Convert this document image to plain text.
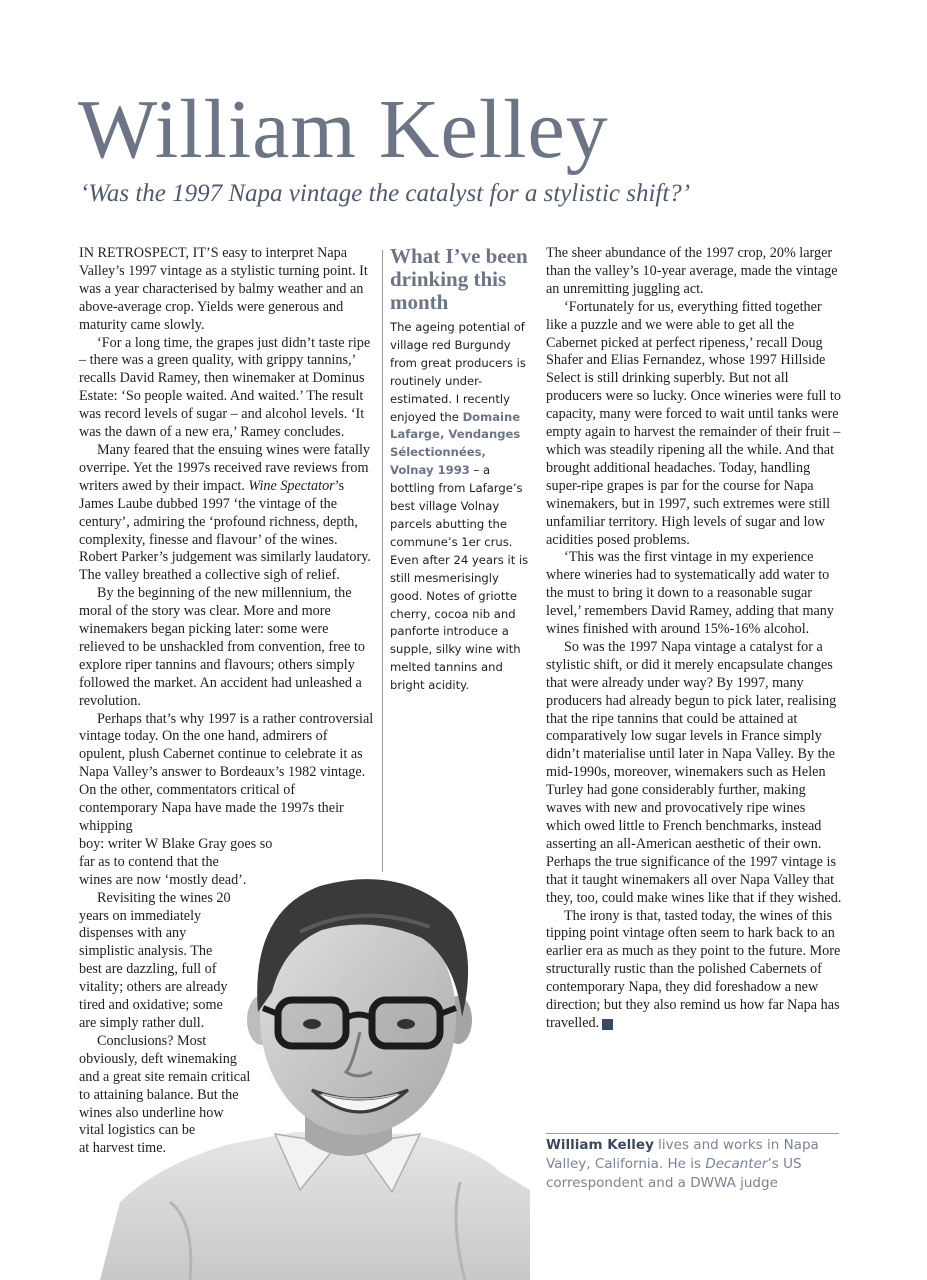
William Kelley

‘Was the 1997 Napa vintage the catalyst for a stylistic shift?’

IN RETROSPECT, IT’S easy to interpret Napa Valley’s 1997 vintage as a stylistic turning point. It was a year characterised by balmy weather and an above-average crop. Yields were generous and maturity came slowly.

‘For a long time, the grapes just didn’t taste ripe – there was a green quality, with grippy tannins,’ recalls David Ramey, then winemaker at Dominus Estate: ‘So people waited. And waited.’ The result was record levels of sugar – and alcohol levels. ‘It was the dawn of a new era,’ Ramey concludes.

Many feared that the ensuing wines were fatally overripe. Yet the 1997s received rave reviews from writers awed by their impact. Wine Spectator’s James Laube dubbed 1997 ‘the vintage of the century’, admiring the ‘profound richness, depth, complexity, finesse and flavour’ of the wines. Robert Parker’s judgement was similarly laudatory. The valley breathed a collective sigh of relief.

By the beginning of the new millennium, the moral of the story was clear. More and more winemakers began picking later: some were relieved to be unshackled from convention, free to explore riper tannins and flavours; others simply followed the market. An accident had unleashed a revolution.

Perhaps that’s why 1997 is a rather controversial vintage today. On the one hand, admirers of opulent, plush Cabernet continue to celebrate it as Napa Valley’s answer to Bordeaux’s 1982 vintage. On the other, commentators critical of contemporary Napa have made the 1997s their whipping

boy: writer W Blake Gray goes so
far as to contend that the
wines are now ‘mostly dead’.
Revisiting the wines 20
years on immediately
dispenses with any
simplistic analysis. The
best are dazzling, full of
vitality; others are already
tired and oxidative; some
are simply rather dull.
Conclusions? Most
obviously, deft winemaking
and a great site remain critical
to attaining balance. But the
wines also underline how
vital logistics can be
at harvest time.
What I’ve been drinking this month

The ageing potential of village red Burgundy from great producers is routinely under-estimated. I recently enjoyed the Domaine Lafarge, Vendanges Sélectionnées, Volnay 1993 – a bottling from Lafarge’s best village Volnay parcels abutting the commune’s 1er crus. Even after 24 years it is still mesmerisingly good. Notes of griotte cherry, cocoa nib and panforte introduce a supple, silky wine with melted tannins and bright acidity.

The sheer abundance of the 1997 crop, 20% larger than the valley’s 10-year average, made the vintage an unremitting juggling act.

‘Fortunately for us, everything fitted together like a puzzle and we were able to get all the Cabernet picked at perfect ripeness,’ recall Doug Shafer and Elias Fernandez, whose 1997 Hillside Select is still drinking superbly. But not all producers were so lucky. Once wineries were full to capacity, many were forced to wait until tanks were empty again to harvest the remainder of their fruit – which was steadily ripening all the while. And that brought additional headaches. Today, handling super-ripe grapes is par for the course for Napa winemakers, but in 1997, such extremes were still unfamiliar territory. High levels of sugar and low acidities posed problems.

‘This was the first vintage in my experience where wineries had to systematically add water to the must to bring it down to a reasonable sugar level,’ remembers David Ramey, adding that many wines finished with around 15%-16% alcohol.

So was the 1997 Napa vintage a catalyst for a stylistic shift, or did it merely encapsulate changes that were already under way? By 1997, many producers had already begun to pick later, realising that the ripe tannins that could be attained at comparatively low sugar levels in France simply didn’t materialise until later in Napa Valley. By the mid-1990s, moreover, winemakers such as Helen Turley had gone considerably further, making waves with new and provocatively ripe wines which owed little to French benchmarks, instead asserting an all-American aesthetic of their own. Perhaps the true significance of the 1997 vintage is that it taught winemakers all over Napa Valley that they, too, could make wines like that if they wished.

The irony is that, tasted today, the wines of this tipping point vintage often seem to hark back to an earlier era as much as they point to the future. More structurally rustic than the polished Cabernets of contemporary Napa, they did foreshadow a new direction; but they also remind us how far Napa has travelled. D

William Kelley lives and works in Napa Valley, California. He is Decanter’s US correspondent and a DWWA judge
